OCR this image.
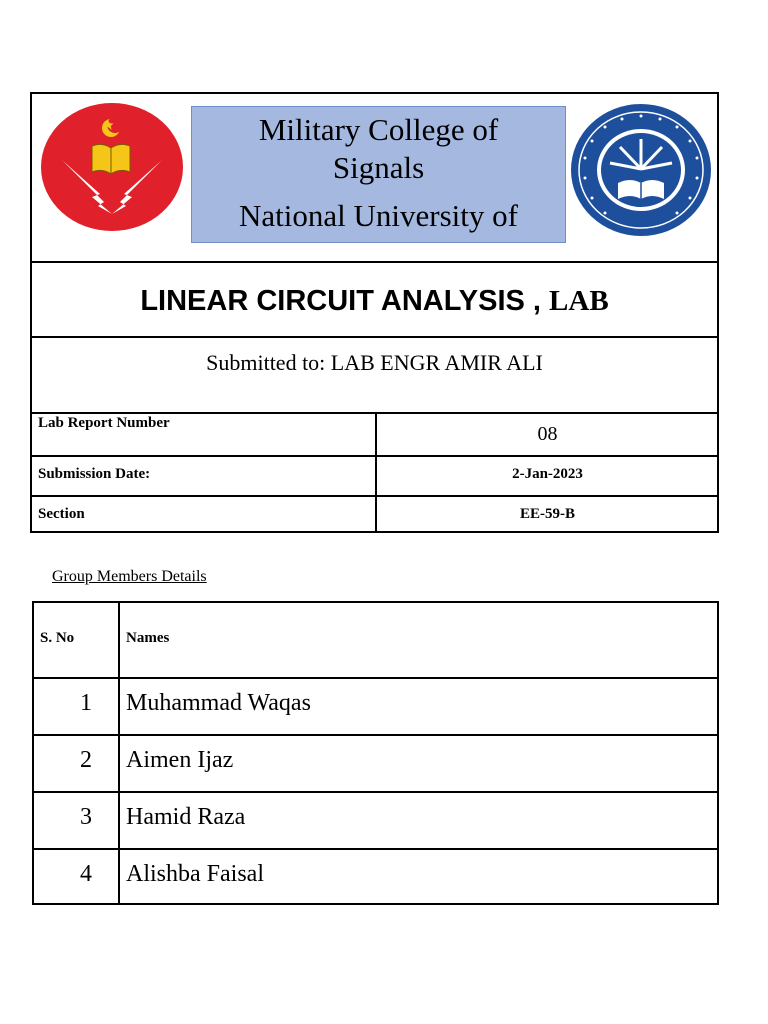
Military College of
Signals
National University of
LINEAR CIRCUIT ANALYSIS , LAB
Submitted to: LAB ENGR AMIR ALI
Lab Report Number	08
Submission Date:	2-Jan-2023
Section	EE-59-B
Group Members Details
S. No	Names
1 Muhammad Waqas
2 Aimen Ijaz
3 Hamid Raza
4 Alishba Faisal
